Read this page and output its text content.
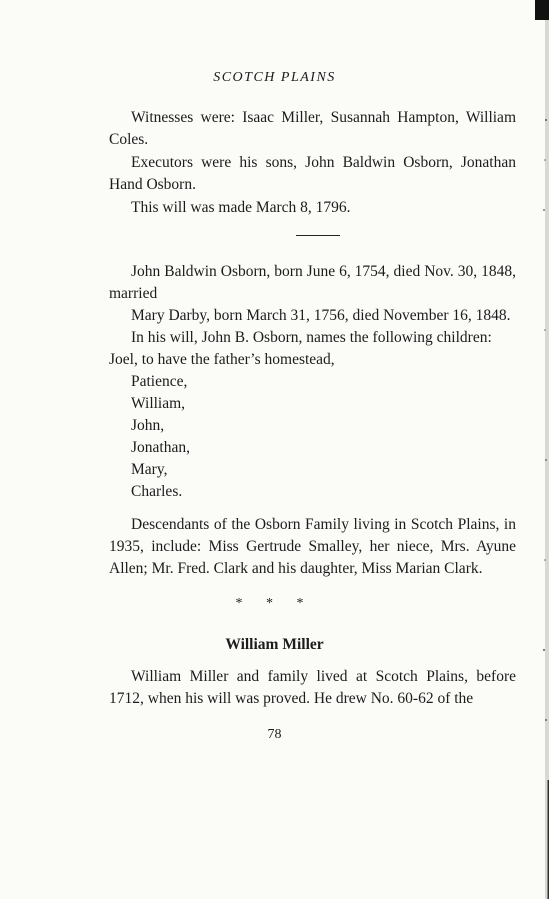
SCOTCH PLAINS
Witnesses were: Isaac Miller, Susannah Hampton, William Coles.
Executors were his sons, John Baldwin Osborn, Jonathan Hand Osborn.
This will was made March 8, 1796.
John Baldwin Osborn, born June 6, 1754, died Nov. 30, 1848, married
Mary Darby, born March 31, 1756, died November 16, 1848.
In his will, John B. Osborn, names the following children:
Joel, to have the father’s homestead,
Patience,
William,
John,
Jonathan,
Mary,
Charles.
Descendants of the Osborn Family living in Scotch Plains, in 1935, include: Miss Gertrude Smalley, her niece, Mrs. Ayune Allen; Mr. Fred. Clark and his daughter, Miss Marian Clark.
* * *
William Miller
William Miller and family lived at Scotch Plains, before 1712, when his will was proved. He drew No. 60-62 of the
78
